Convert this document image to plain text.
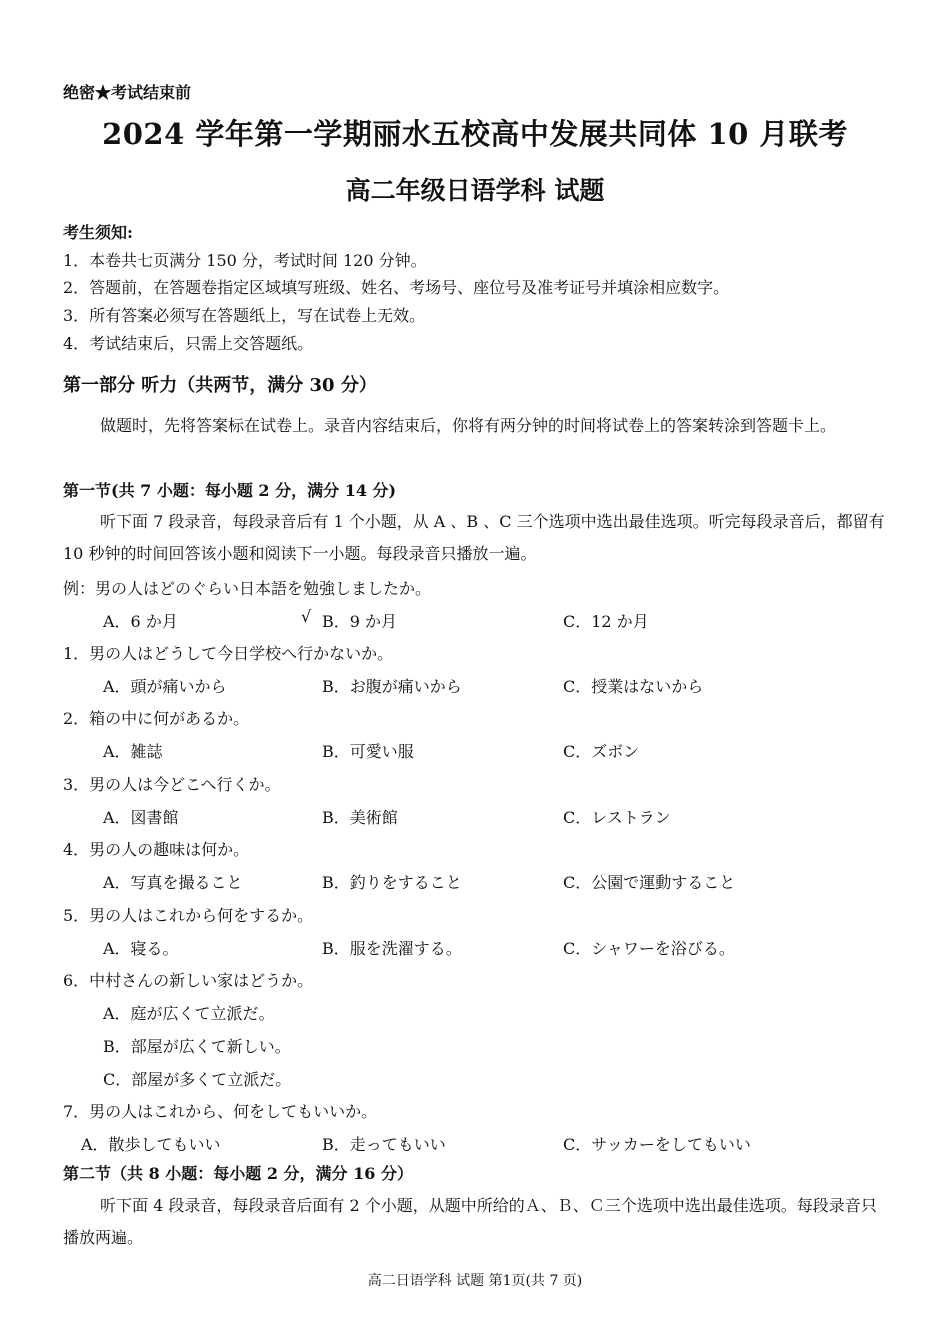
绝密★考试结束前
2024 学年第一学期丽水五校高中发展共同体 10 月联考
高二年级日语学科 试题
考生须知:
1．本卷共七页满分 150 分，考试时间 120 分钟。
2．答题前，在答题卷指定区域填写班级、姓名、考场号、座位号及准考证号并填涂相应数字。
3．所有答案必须写在答题纸上，写在试卷上无效。
4．考试结束后，只需上交答题纸。
第一部分 听力（共两节，满分 30 分）
做题时，先将答案标在试卷上。录音内容结束后，你将有两分钟的时间将试卷上的答案转涂到答题卡上。
第一节(共 7 小题：每小题 2 分，满分 14 分)
听下面 7 段录音，每段录音后有 1 个小题，从 A 、B 、C 三个选项中选出最佳选项。听完每段录音后，都留有 10 秒钟的时间回答该小题和阅读下一小题。每段录音只播放一遍。
例：男の人はどのぐらい日本語を勉強しましたか。
A．6 か月	√ B．9 か月	C．12 か月
1．男の人はどうして今日学校へ行かないか。
A．頭が痛いから	B．お腹が痛いから	C．授業はないから
2．箱の中に何があるか。
A．雑誌	B．可愛い服	C．ズボン
3．男の人は今どこへ行くか。
A．図書館	B．美術館	C．レストラン
4．男の人の趣味は何か。
A．写真を撮ること	B．釣りをすること	C．公園で運動すること
5．男の人はこれから何をするか。
A．寝る。	B．服を洗濯する。	C．シャワーを浴びる。
6．中村さんの新しい家はどうか。
A．庭が広くて立派だ。
B．部屋が広くて新しい。
C．部屋が多くて立派だ。
7．男の人はこれから、何をしてもいいか。
A．散歩してもいい	B．走ってもいい	C．サッカーをしてもいい
第二节（共 8 小题：每小题 2 分，满分 16 分）
听下面 4 段录音，每段录音后面有 2 个小题，从题中所给的Ａ、Ｂ、Ｃ三个选项中选出最佳选项。每段录音只播放两遍。
高二日语学科 试题 第1页(共 7 页)
